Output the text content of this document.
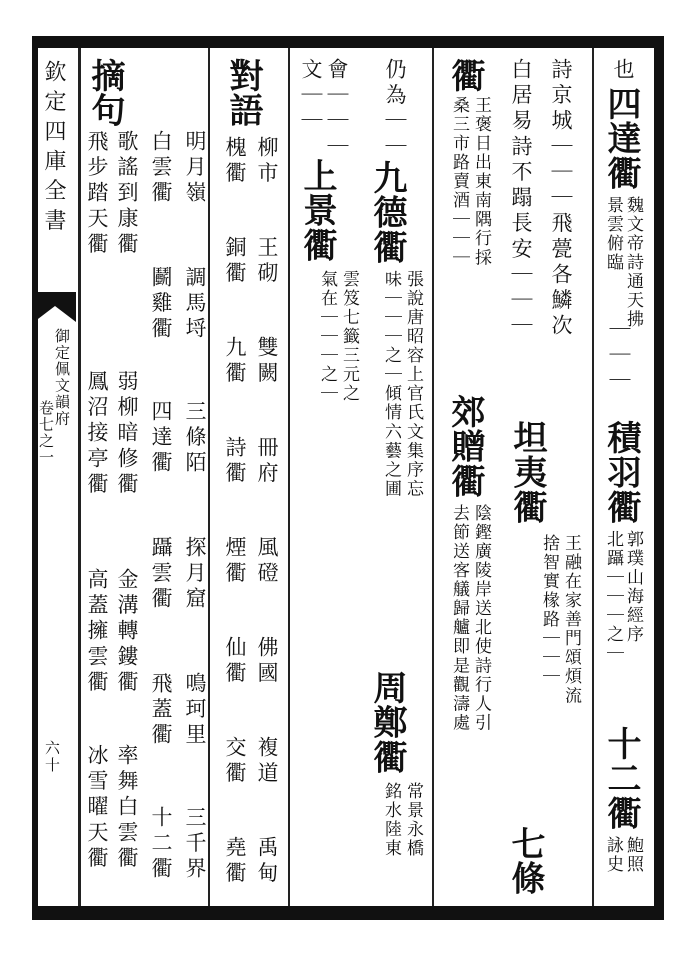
欽定四庫全書
御定佩文韻府
卷七之一
六十
也
四達衢
魏文帝詩通天拂
景雲俯臨
｜｜｜
積羽衢
郭璞山海經序
北躡｜｜｜之｜
十二衢
鮑照
詠史
詩京城｜｜｜飛甍各鱗次
白居易詩不蹋長安｜｜｜
坦夷衢
王融在家善門頌煩流
捨智實椽路｜｜｜
七條
衢
王褒日出東南隅行採
桑三市路賣酒｜｜｜
郊贈衢
陰鏗廣陵岸送北使詩行人引
去節送客艤歸艫即是觀濤處
仍為｜｜
九德衢
張說唐昭容上官氏文集序忘
味｜｜｜之｜傾情六藝之圃
周鄭衢
常景永橋
銘水陸東
會｜｜｜
文｜｜
上景衢
雲笈七籤三元之
氣在｜｜｜之｜
對語
柳市
槐衢
王砌
銅衢
雙闕
九衢
冊府
詩衢
風磴
煙衢
佛國
仙衢
複道
交衢
禹甸
堯衢
明月嶺
白雲衢
調馬埒
鬬雞衢
三條陌
四達衢
探月窟
躡雲衢
鳴珂里
飛蓋衢
三千界
十二衢
摘句
歌謠到康衢
飛步踏天衢
弱柳暗修衢
鳳沼接亭衢
金溝轉鏤衢
高蓋擁雲衢
率舞白雲衢
冰雪曜天衢
